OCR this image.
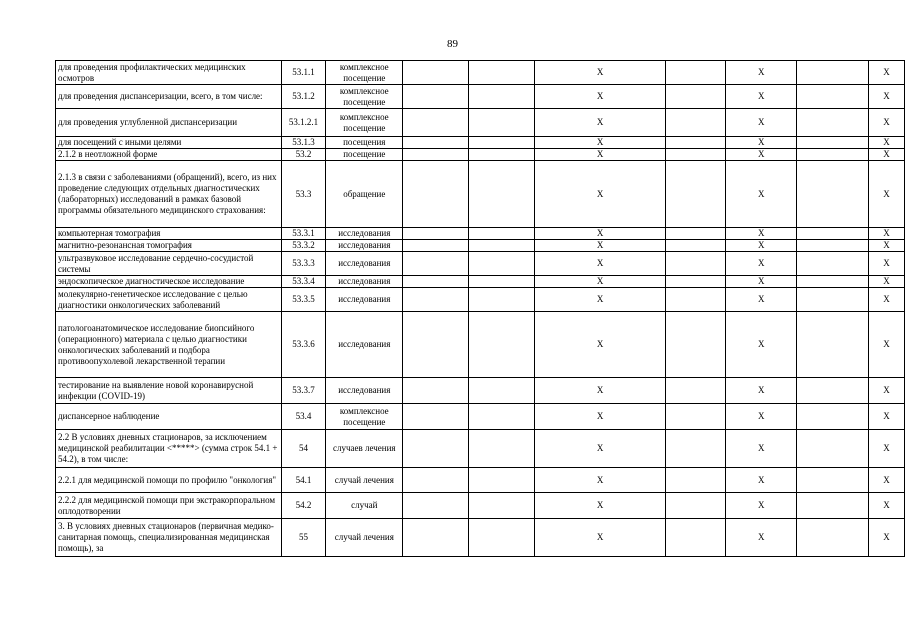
89
для проведения профилактических медицинских осмотров	53.1.1	комплексное посещение			X		X		X
для проведения диспансеризации, всего, в том числе:	53.1.2	комплексное посещение			X		X		X
для проведения углубленной диспансеризации	53.1.2.1	комплексное посещение			X		X		X
для посещений с иными целями	53.1.3	посещения			X		X		X
2.1.2 в неотложной форме	53.2	посещение			X		X		X
2.1.3 в связи с заболеваниями (обращений), всего, из них проведение следующих отдельных диагностических (лабораторных) исследований в рамках базовой программы обязательного медицинского страхования:	53.3	обращение			X		X		X
компьютерная томография	53.3.1	исследования			X		X		X
магнитно-резонансная томография	53.3.2	исследования			X		X		X
ультразвуковое исследование сердечно-сосудистой системы	53.3.3	исследования			X		X		X
эндоскопическое диагностическое исследование	53.3.4	исследования			X		X		X
молекулярно-генетическое исследование с целью диагностики онкологических заболеваний	53.3.5	исследования			X		X		X
патологоанатомическое исследование биопсийного (операционного) материала с целью диагностики онкологических заболеваний и подбора противоопухолевой лекарственной терапии	53.3.6	исследования			X		X		X
тестирование на выявление новой коронавирусной инфекции (COVID-19)	53.3.7	исследования			X		X		X
диспансерное наблюдение	53.4	комплексное посещение			X		X		X
2.2 В условиях дневных стационаров, за исключением медицинской реабилитации <*****> (сумма строк 54.1 + 54.2), в том числе:	54	случаев лечения			X		X		X
2.2.1 для медицинской помощи по профилю "онкология"	54.1	случай лечения			X		X		X
2.2.2 для медицинской помощи при экстракорпоральном оплодотворении	54.2	случай			X		X		X
3. В условиях дневных стационаров (первичная медико-санитарная помощь, специализированная медицинская помощь), за	55	случай лечения			X		X		X
